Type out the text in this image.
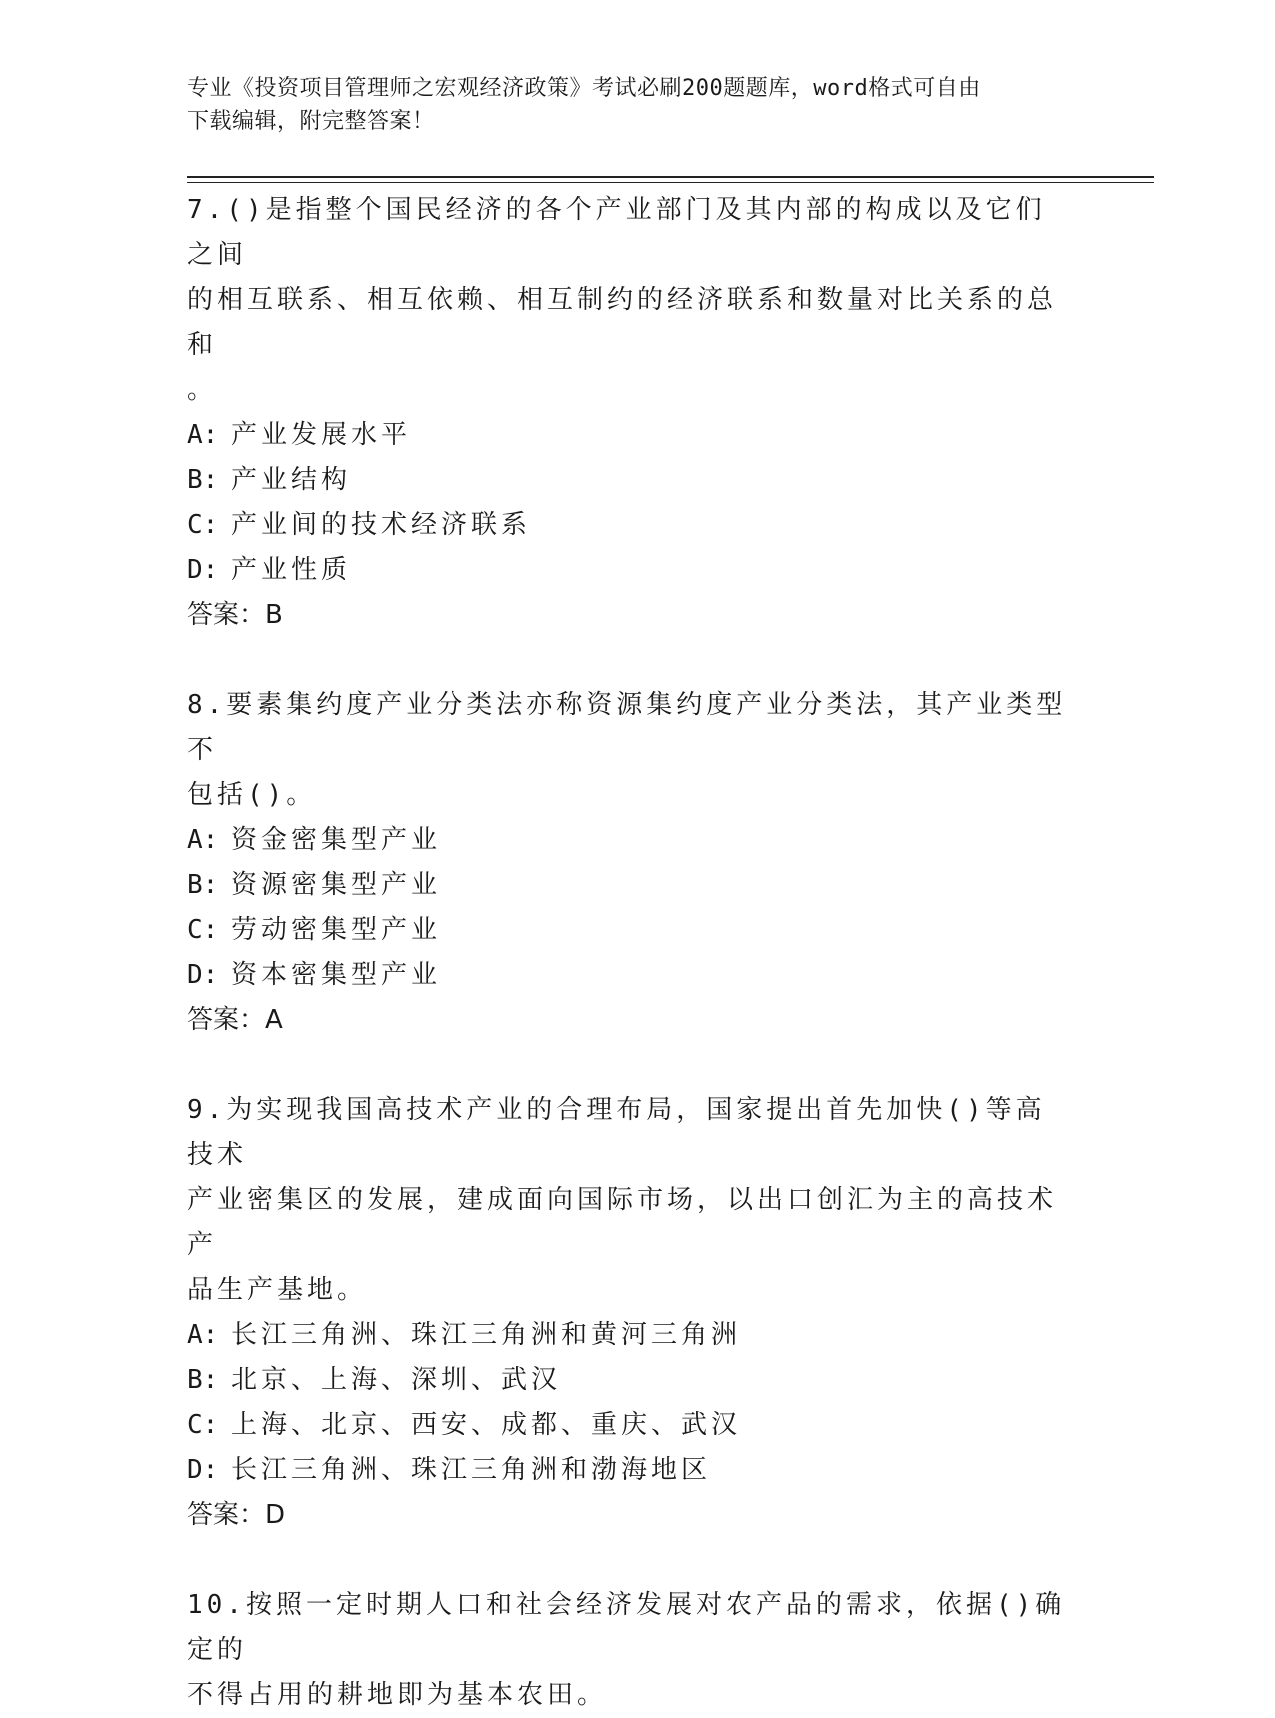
专业《投资项目管理师之宏观经济政策》考试必刷200题题库，word格式可自由
下载编辑，附完整答案！
7.()是指整个国民经济的各个产业部门及其内部的构成以及它们之间
的相互联系、相互依赖、相互制约的经济联系和数量对比关系的总和
。
A: 产业发展水平
B: 产业结构
C: 产业间的技术经济联系
D: 产业性质
答案：B
8.要素集约度产业分类法亦称资源集约度产业分类法，其产业类型不
包括()。
A: 资金密集型产业
B: 资源密集型产业
C: 劳动密集型产业
D: 资本密集型产业
答案：A
9.为实现我国高技术产业的合理布局，国家提出首先加快()等高技术
产业密集区的发展，建成面向国际市场，以出口创汇为主的高技术产
品生产基地。
A: 长江三角洲、珠江三角洲和黄河三角洲
B: 北京、上海、深圳、武汉
C: 上海、北京、西安、成都、重庆、武汉
D: 长江三角洲、珠江三角洲和渤海地区
答案：D
10.按照一定时期人口和社会经济发展对农产品的需求，依据()确定的
不得占用的耕地即为基本农田。
